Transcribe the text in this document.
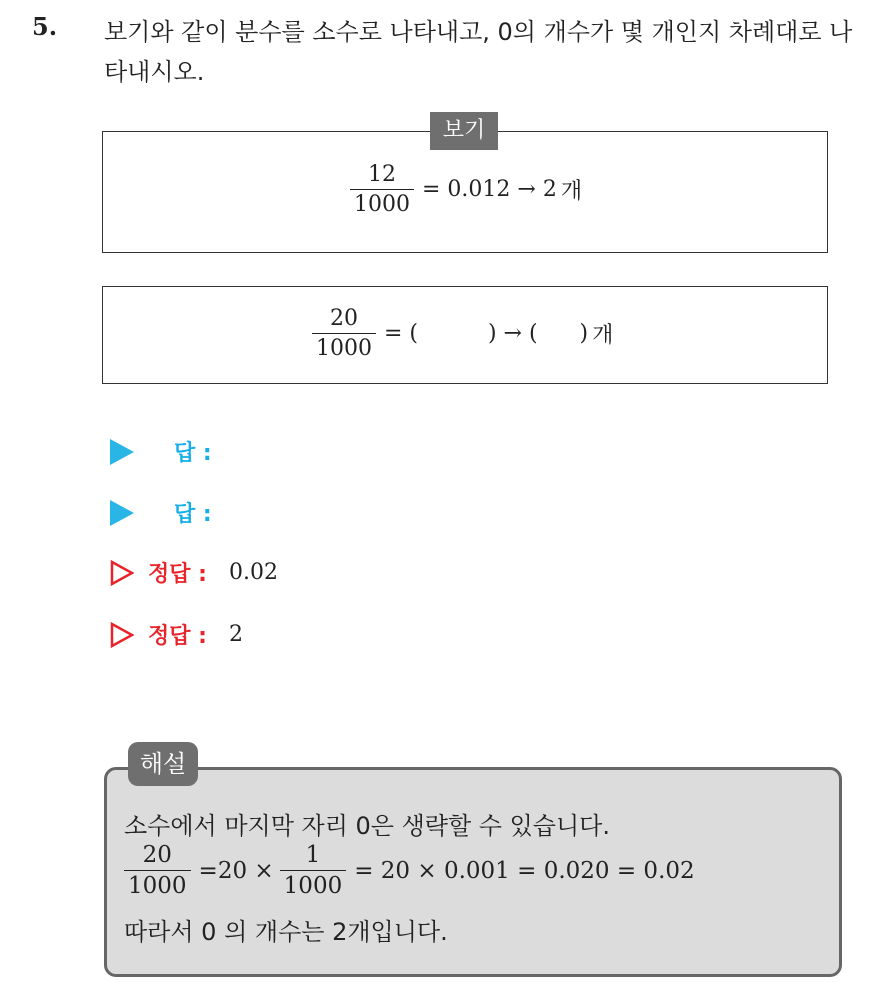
5. 보기와 같이 분수를 소수로 나타내고, 0의 개수가 몇 개인지 차례대로 나타내시오.
보기
$\frac{12}{1000} = 0.012 \to 2$ 개
$\frac{20}{1000}$ = (          ) → (      ) 개
답 :
답 :
정답 : 0.02
정답 : 2
해설
소수에서 마지막 자리 0은 생략할 수 있습니다.
$\frac{20}{1000} =20 \times \frac{1}{1000} = 20 \times 0.001 = 0.020 = 0.02$
따라서 0 의 개수는 2개입니다.
